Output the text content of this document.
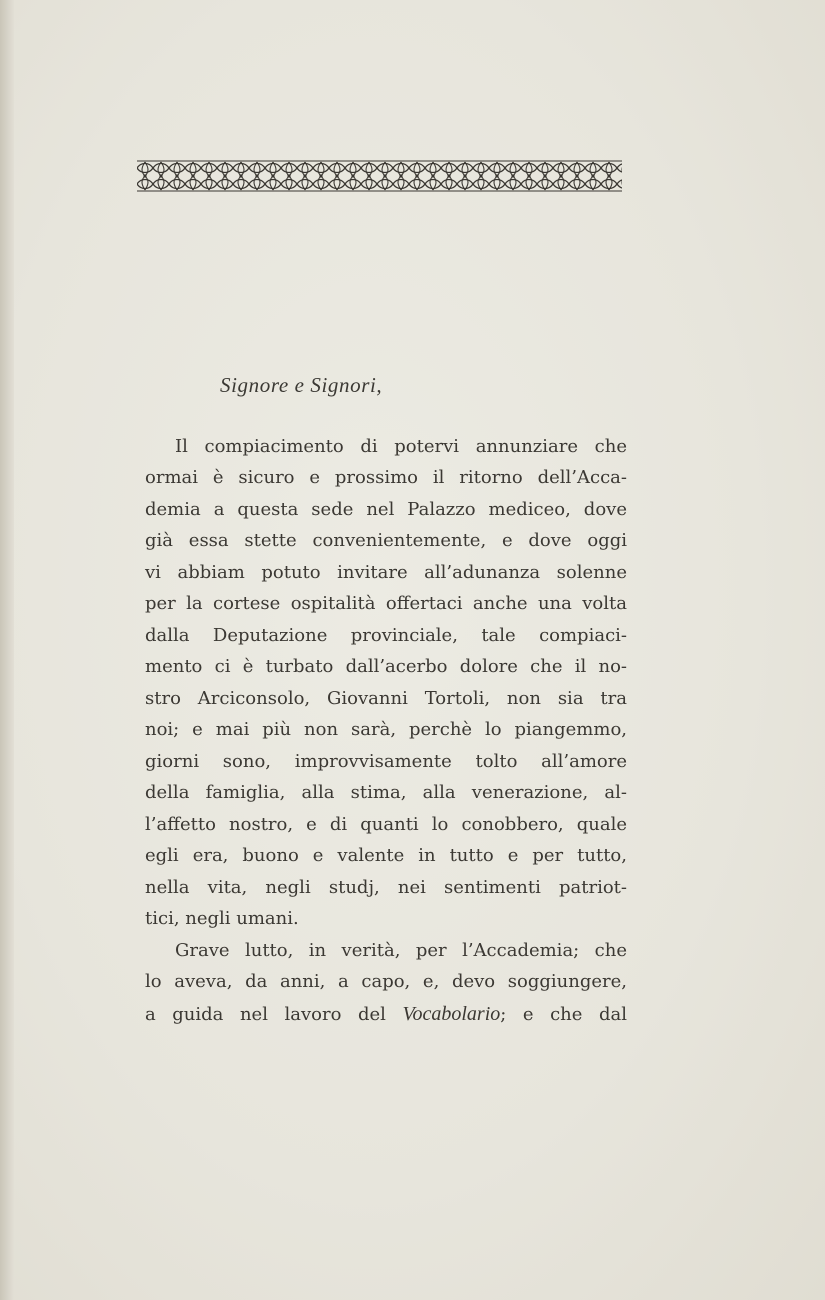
Signore e Signori,
Il compiacimento di potervi annunziare che
ormai è sicuro e prossimo il ritorno dell’Acca-
demia a questa sede nel Palazzo mediceo, dove
già essa stette convenientemente, e dove oggi
vi abbiam potuto invitare all’adunanza solenne
per la cortese ospitalità offertaci anche una volta
dalla Deputazione provinciale, tale compiaci-
mento ci è turbato dall’acerbo dolore che il no-
stro Arciconsolo, Giovanni Tortoli, non sia tra
noi; e mai più non sarà, perchè lo piangemmo,
giorni sono, improvvisamente tolto all’amore
della famiglia, alla stima, alla venerazione, al-
l’affetto nostro, e di quanti lo conobbero, quale
egli era, buono e valente in tutto e per tutto,
nella vita, negli studj, nei sentimenti patriot-
tici, negli umani.
Grave lutto, in verità, per l’Accademia; che
lo aveva, da anni, a capo, e, devo soggiungere,
a guida nel lavoro del Vocabolario; e che dal
